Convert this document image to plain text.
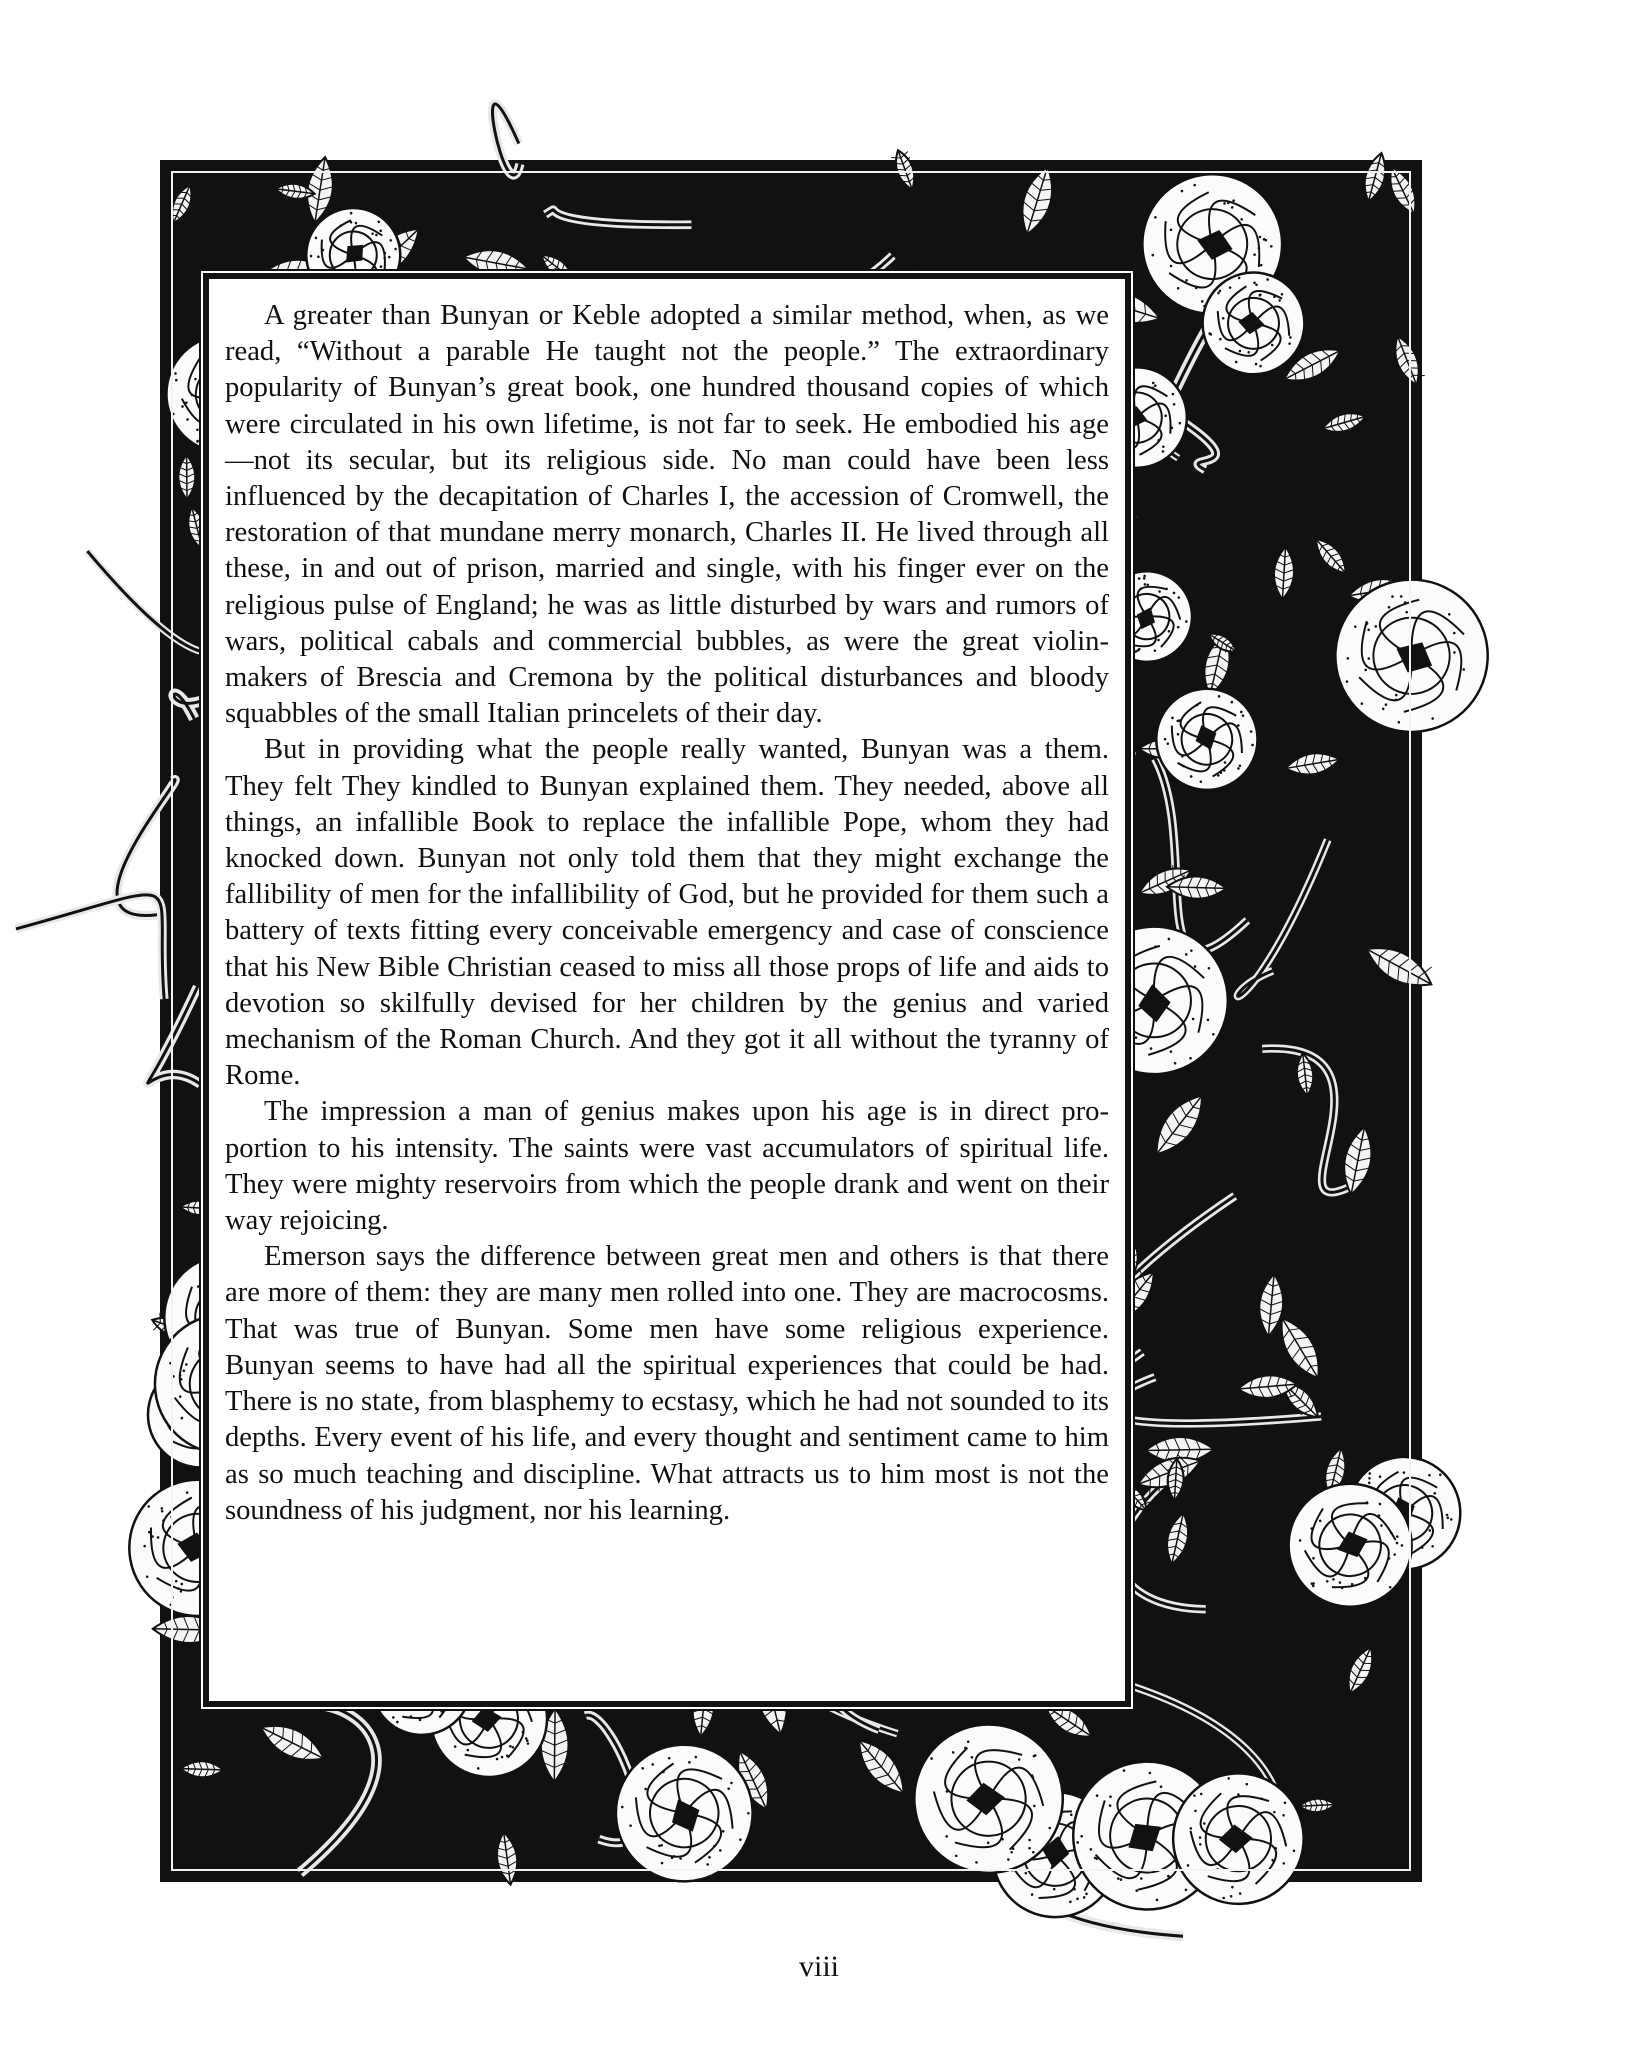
FR

A greater than Bunyan or Keble adopted a similar method, when, as we read, “Without a parable He taught not the people.” The extraordinary popularity of Bunyan’s great book, one hundred thousand copies of which were circulated in his own lifetime, is not far to seek. He embodied his age—not its secular, but its religious side. No man could have been less influenced by the decapitation of Charles I, the accession of Cromwell, the restoration of that mundane merry monarch, Charles II. He lived through all these, in and out of prison, married and single, with his finger ever on the religious pulse of England; he was as little disturbed by wars and rumors of wars, political cabals and commercial bubbles, as were the great violin-makers of Brescia and Cremona by the political disturbances and bloody squabbles of the small Italian princelets of their day.

But in providing what the people really wanted, Bunyan was a them. They felt They kindled to Bunyan explained them. They needed, above all things, an infallible Book to replace the infallible Pope, whom they had knocked down. Bunyan not only told them that they might exchange the fallibility of men for the infallibility of God, but he provided for them such a battery of texts fitting every conceivable emergency and case of conscience that his New Bible Christian ceased to miss all those props of life and aids to devotion so skilfully devised for her children by the genius and varied mechanism of the Roman Church. And they got it all without the tyranny of Rome.

The impression a man of genius makes upon his age is in direct proportion to his intensity. The saints were vast accumulators of spiritual life. They were mighty reservoirs from which the people drank and went on their way rejoicing.

Emerson says the difference between great men and others is that there are more of them: they are many men rolled into one. They are macrocosms. That was true of Bunyan. Some men have some religious experience. Bunyan seems to have had all the spiritual experiences that could be had. There is no state, from blasphemy to ecstasy, which he had not sounded to its depths. Every event of his life, and every thought and sentiment came to him as so much teaching and discipline. What attracts us to him most is not the soundness of his judgment, nor his learning.

viii
